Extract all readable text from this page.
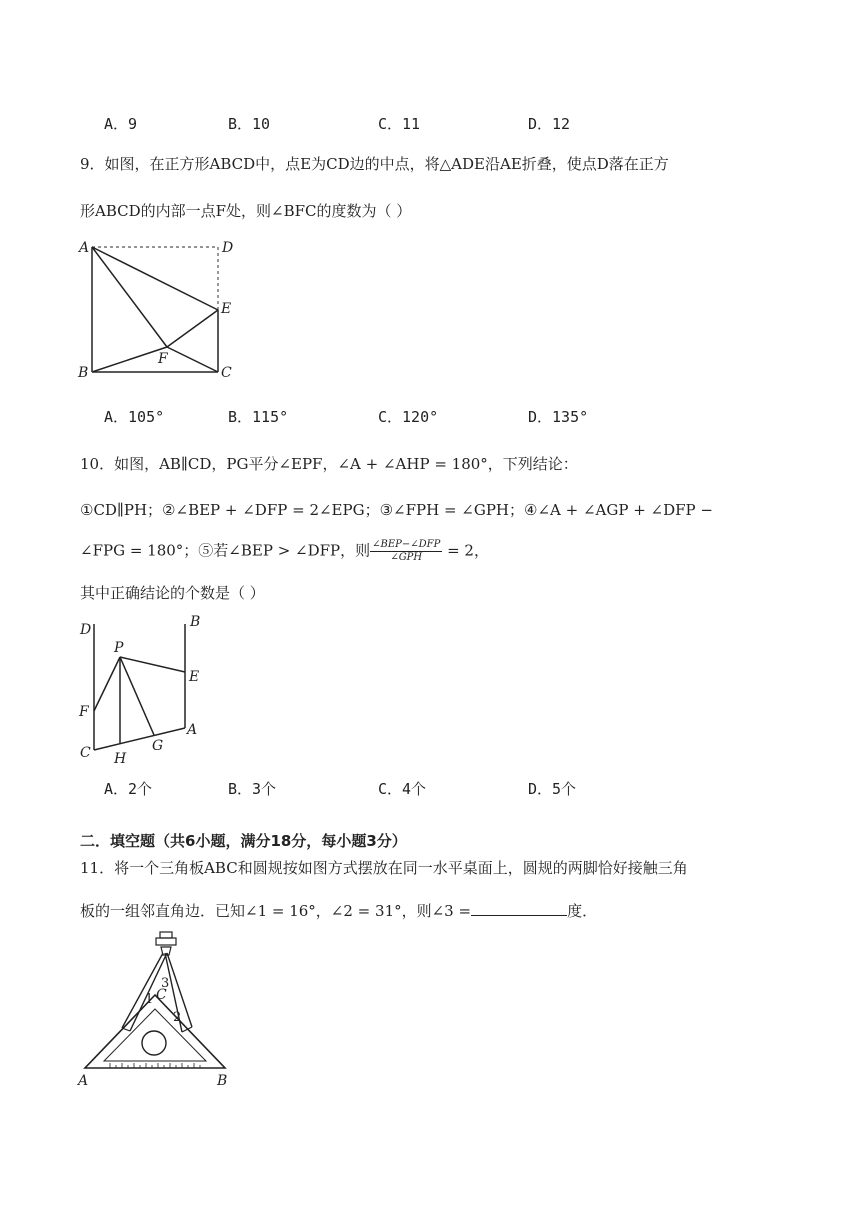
A．9	B．10	C．11	D．12
9．如图，在正方形ABCD中，点E为CD边的中点，将△ADE沿AE折叠，使点D落在正方
形ABCD的内部一点F处，则∠BFC的度数为（ ）
A	D
E
F
B	C
A．105°	B．115°	C．120°	D．135°
10．如图，AB∥CD，PG平分∠EPF，∠A + ∠AHP = 180°，下列结论：
①CD∥PH；②∠BEP + ∠DFP = 2∠EPG；③∠FPH = ∠GPH；④∠A + ∠AGP + ∠DFP −
∠FPG = 180°；⑤若∠BEP > ∠DFP，则 $\frac{\text{∠BEP−∠DFP}}{\text{∠GPH}} = 2$，
其中正确结论的个数是（ ）
D	B
P
E
F
A
C H
G
A．2个	B．3个	C．4个	D．5个
二．填空题（共6小题，满分18分，每小题3分）
11．将一个三角板ABC和圆规按如图方式摆放在同一水平桌面上，圆规的两脚恰好接触三角
板的一组邻直角边．已知∠1 = 16°，∠2 = 31°，则∠3 =	度．
A	B
C
1
2
3
